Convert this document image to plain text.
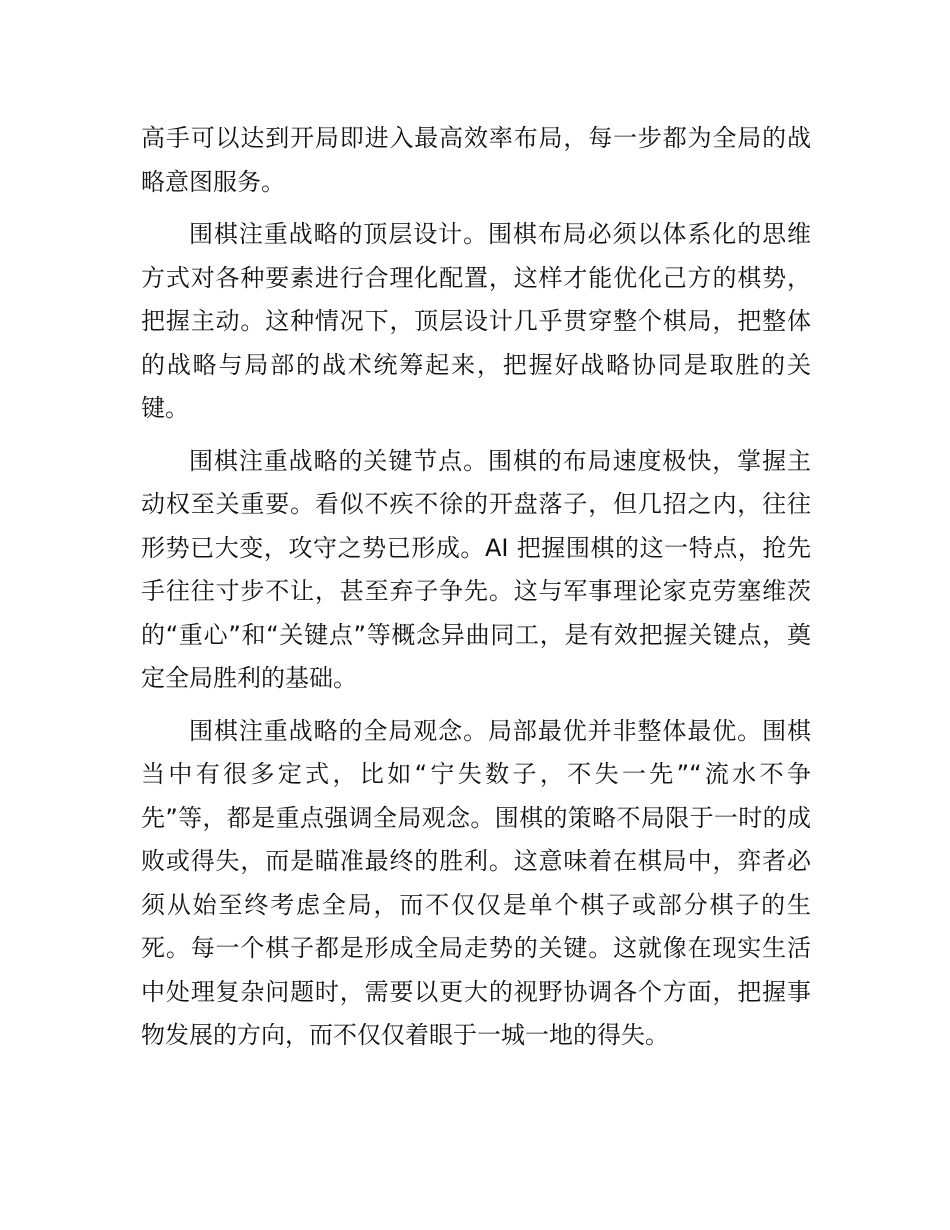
高手可以达到开局即进入最高效率布局，每一步都为全局的战略意图服务。

围棋注重战略的顶层设计。围棋布局必须以体系化的思维方式对各种要素进行合理化配置，这样才能优化己方的棋势，把握主动。这种情况下，顶层设计几乎贯穿整个棋局，把整体的战略与局部的战术统筹起来，把握好战略协同是取胜的关键。

围棋注重战略的关键节点。围棋的布局速度极快，掌握主动权至关重要。看似不疾不徐的开盘落子，但几招之内，往往形势已大变，攻守之势已形成。AI 把握围棋的这一特点，抢先手往往寸步不让，甚至弃子争先。这与军事理论家克劳塞维茨的“重心”和“关键点”等概念异曲同工，是有效把握关键点，奠定全局胜利的基础。

围棋注重战略的全局观念。局部最优并非整体最优。围棋当中有很多定式，比如“宁失数子，不失一先”“流水不争先”等，都是重点强调全局观念。围棋的策略不局限于一时的成败或得失，而是瞄准最终的胜利。这意味着在棋局中，弈者必须从始至终考虑全局，而不仅仅是单个棋子或部分棋子的生死。每一个棋子都是形成全局走势的关键。这就像在现实生活中处理复杂问题时，需要以更大的视野协调各个方面，把握事物发展的方向，而不仅仅着眼于一城一地的得失。
